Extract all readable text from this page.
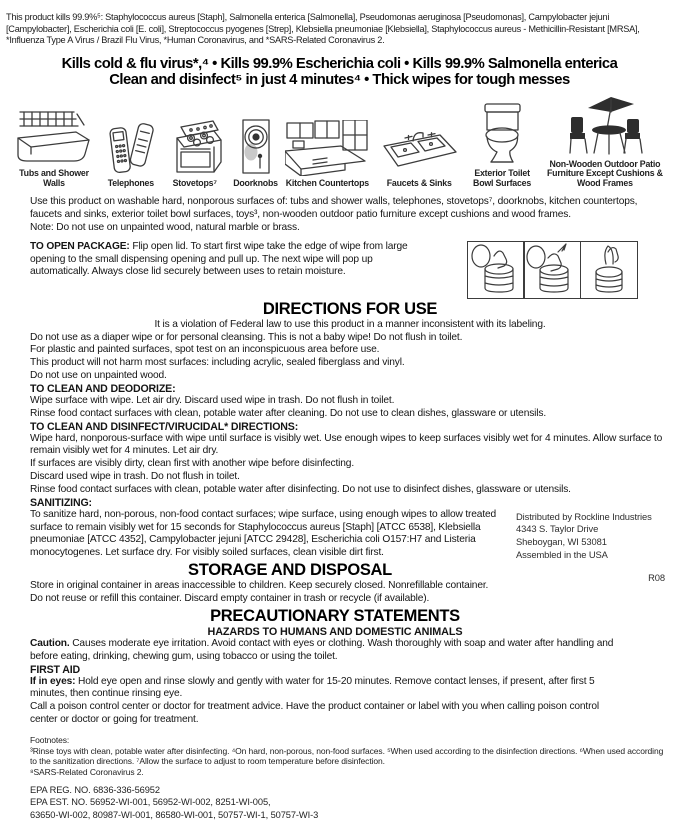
This product kills 99.9%⁵: Staphylococcus aureus [Staph], Salmonella enterica [Salmonella], Pseudomonas aeruginosa [Pseudomonas], Campylobacter jejuni [Campylobacter], Escherichia coli [E. coli], Streptococcus pyogenes [Strep], Klebsiella pneumoniae [Klebsiella], Staphylococcus aureus - Methicillin-Resistant [MRSA], *Influenza Type A Virus / Brazil Flu Virus, *Human Coronavirus, and *SARS-Related Coronavirus 2.

Kills cold & flu virus*,⁴ • Kills 99.9% Escherichia coli • Kills 99.9% Salmonella enterica
Clean and disinfect⁵ in just 4 minutes⁴ • Thick wipes for tough messes
Tubs and Shower Walls	Telephones Stovetops⁷ Doorknobs Kitchen Countertops Faucets & Sinks
Exterior Toilet Bowl Surfaces
Non-Wooden Outdoor Patio Furniture Except Cushions & Wood Frames

Use this product on washable hard, nonporous surfaces of: tubs and shower walls, telephones, stovetops⁷, doorknobs, kitchen countertops, faucets and sinks, exterior toilet bowl surfaces, toys³, non-wooden outdoor patio furniture except cushions and wood frames.

Note: Do not use on unpainted wood, natural marble or brass.

TO OPEN PACKAGE: Flip open lid. To start first wipe take the edge of wipe from large opening to the small dispensing opening and pull up. The next wipe will pop up automatically. Always close lid securely between uses to retain moisture.

DIRECTIONS FOR USE

It is a violation of Federal law to use this product in a manner inconsistent with its labeling.

Do not use as a diaper wipe or for personal cleansing. This is not a baby wipe! Do not flush in toilet.

For plastic and painted surfaces, spot test on an inconspicuous area before use.

This product will not harm most surfaces: including acrylic, sealed fiberglass and vinyl.

Do not use on unpainted wood.

TO CLEAN AND DEODORIZE:

Wipe surface with wipe. Let air dry. Discard used wipe in trash. Do not flush in toilet.

Rinse food contact surfaces with clean, potable water after cleaning. Do not use to clean dishes, glassware or utensils.

TO CLEAN AND DISINFECT/VIRUCIDAL* DIRECTIONS:

Wipe hard, nonporous-surface with wipe until surface is visibly wet. Use enough wipes to keep surfaces visibly wet for 4 minutes. Allow surface to remain visibly wet for 4 minutes. Let air dry.

If surfaces are visibly dirty, clean first with another wipe before disinfecting.

Discard used wipe in trash. Do not flush in toilet.

Rinse food contact surfaces with clean, potable water after disinfecting. Do not use to disinfect dishes, glassware or utensils.

SANITIZING:

To sanitize hard, non-porous, non-food contact surfaces; wipe surface, using enough wipes to allow treated surface to remain visibly wet for 15 seconds for Staphylococcus aureus [Staph] [ATCC 6538], Klebsiella pneumoniae [ATCC 4352], Campylobacter jejuni [ATCC 29428], Escherichia coli O157:H7 and Listeria monocytogenes. Let surface dry. For visibly soiled surfaces, clean visible dirt first.

STORAGE AND DISPOSAL

Store in original container in areas inaccessible to children. Keep securely closed. Nonrefillable container. Do not reuse or refill this container. Discard empty container in trash or recycle (if available).

Distributed by Rockline Industries
4343 S. Taylor Drive
Sheboygan, WI 53081
Assembled in the USA
R08
PRECAUTIONARY STATEMENTS
HAZARDS TO HUMANS AND DOMESTIC ANIMALS

Caution. Causes moderate eye irritation. Avoid contact with eyes or clothing. Wash thoroughly with soap and water after handling and before eating, drinking, chewing gum, using tobacco or using the toilet.

FIRST AID

If in eyes: Hold eye open and rinse slowly and gently with water for 15-20 minutes. Remove contact lenses, if present, after first 5 minutes, then continue rinsing eye.

Call a poison control center or doctor for treatment advice. Have the product container or label with you when calling poison control center or doctor or going for treatment.

Footnotes:
³Rinse toys with clean, potable water after disinfecting. ⁴On hard, non-porous, non-food surfaces. ⁵When used according to the disinfection directions. ⁶When used according to the sanitization directions. ⁷Allow the surface to adjust to room temperature before disinfection.
⁸SARS-Related Coronavirus 2.
EPA REG. NO. 6836-336-56952
EPA EST. NO. 56952-WI-001, 56952-WI-002, 8251-WI-005,
63650-WI-002, 80987-WI-001, 86580-WI-001, 50757-WI-1, 50757-WI-3
